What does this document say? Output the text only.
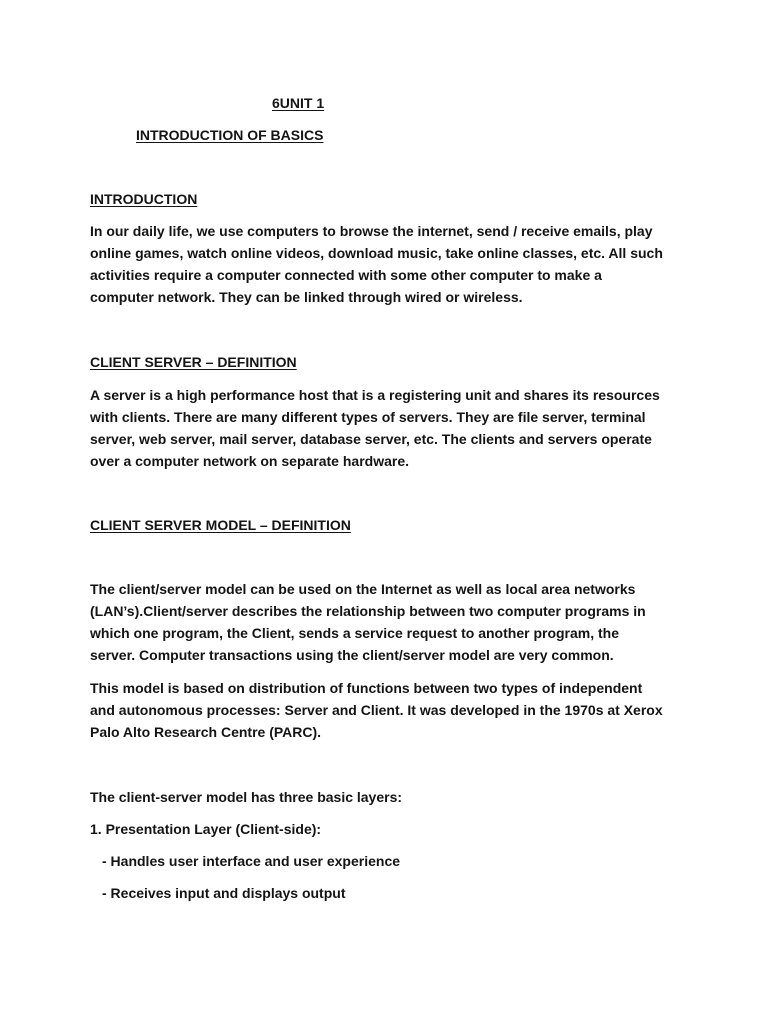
6UNIT 1

INTRODUCTION OF BASICS

INTRODUCTION

In our daily life, we use computers to browse the internet, send / receive emails, play
online games, watch online videos, download music, take online classes, etc. All such
activities require a computer connected with some other computer to make a
computer network. They can be linked through wired or wireless.

CLIENT SERVER – DEFINITION

A server is a high performance host that is a registering unit and shares its resources
with clients. There are many different types of servers. They are file server, terminal
server, web server, mail server, database server, etc. The clients and servers operate
over a computer network on separate hardware.

CLIENT SERVER MODEL – DEFINITION

The client/server model can be used on the Internet as well as local area networks
(LAN’s).Client/server describes the relationship between two computer programs in
which one program, the Client, sends a service request to another program, the
server. Computer transactions using the client/server model are very common.
This model is based on distribution of functions between two types of independent
and autonomous processes: Server and Client. It was developed in the 1970s at Xerox
Palo Alto Research Centre (PARC).

The client-server model has three basic layers:

1. Presentation Layer (Client-side):

- Handles user interface and user experience

- Receives input and displays output
